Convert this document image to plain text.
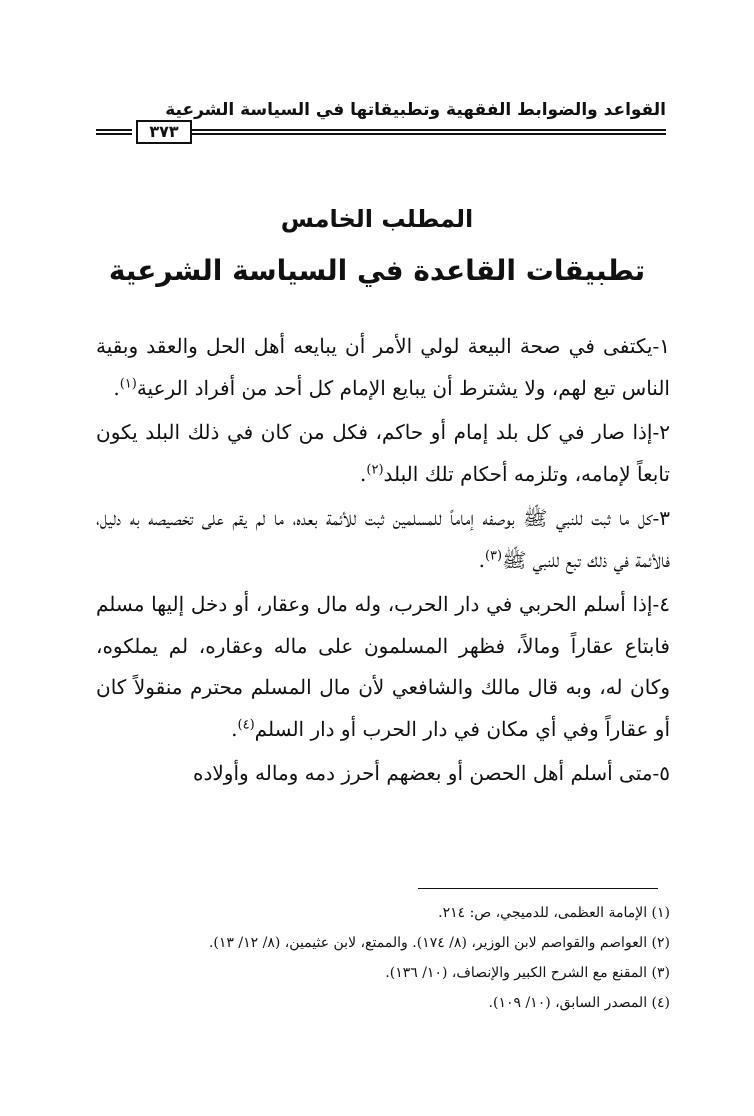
القواعد والضوابط الفقهية وتطبيقاتها في السياسة الشرعية
٣٧٣
المطلب الخامس
تطبيقات القاعدة في السياسة الشرعية

١-يكتفى في صحة البيعة لولي الأمر أن يبايعه أهل الحل والعقد وبقية الناس تبع لهم، ولا يشترط أن يبايع الإمام كل أحد من أفراد الرعية$^{(١)}$.

٢-إذا صار في كل بلد إمام أو حاكم، فكل من كان في ذلك البلد يكون تابعاً لإمامه، وتلزمه أحكام تلك البلد$^{(٢)}$.

٣-كل ما ثبت للنبي ﷺ بوصفه إماماً للمسلمين ثبت للأئمة بعده، ما لم يقم على تخصيصه به دليل، فالأئمة في ذلك تبع للنبي ﷺ$^{(٣)}$.

٤-إذا أسلم الحربي في دار الحرب، وله مال وعقار، أو دخل إليها مسلم فابتاع عقاراً ومالاً، فظهر المسلمون على ماله وعقاره، لم يملكوه، وكان له، وبه قال مالك والشافعي لأن مال المسلم محترم منقولاً كان أو عقاراً وفي أي مكان في دار الحرب أو دار السلم$^{(٤)}$.

٥-متى أسلم أهل الحصن أو بعضهم أحرز دمه وماله وأولاده

(١) الإمامة العظمى، للدميجي، ص: ٢١٤.
(٢) العواصم والقواصم لابن الوزير، (٨/ ١٧٤). والممتع، لابن عثيمين، (٨/ ١٢/ ١٣).
(٣) المقنع مع الشرح الكبير والإنصاف، (١٠/ ١٣٦).
(٤) المصدر السابق، (١٠/ ١٠٩).
